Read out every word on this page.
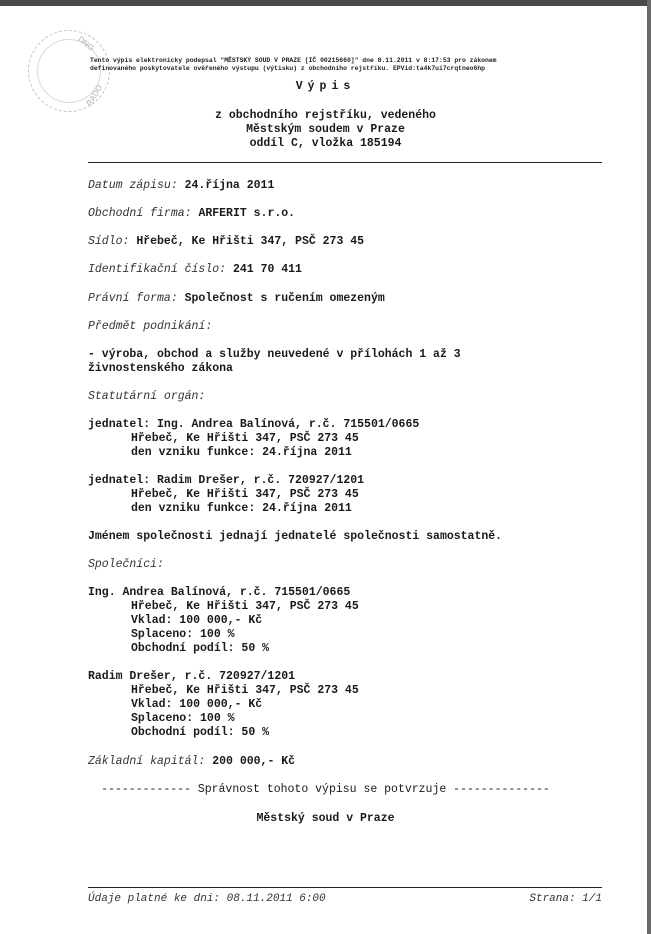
DNO
ŘADO
Tento výpis elektronicky podepsal "MĚSTSKÝ SOUD V PRAZE [IČ 00215660]" dne 8.11.2011 v 8:17:53 pro zákonem
definovaného poskytovatele ověřeného výstupu (výtisku) z obchodního rejstříku. EPVid:ta4k7ui7crqtneo6hp
Výpis
z obchodního rejstříku, vedeného
Městským soudem v Praze
oddíl C, vložka 185194
Datum zápisu: 24.října 2011
Obchodní firma: ARFERIT s.r.o.
Sídlo: Hřebeč, Ke Hřišti 347, PSČ 273 45
Identifikační číslo: 241 70 411
Právní forma: Společnost s ručením omezeným
Předmět podnikání:
- výroba, obchod a služby neuvedené v přílohách 1 až 3
živnostenského zákona
Statutární orgán:
jednatel: Ing. Andrea Balínová, r.č. 715501/0665
Hřebeč, Ke Hřišti 347, PSČ 273 45
den vzniku funkce: 24.října 2011
jednatel: Radim Drešer, r.č. 720927/1201
Hřebeč, Ke Hřišti 347, PSČ 273 45
den vzniku funkce: 24.října 2011
Jménem společnosti jednají jednatelé společnosti samostatně.
Společníci:
Ing. Andrea Balínová, r.č. 715501/0665
Hřebeč, Ke Hřišti 347, PSČ 273 45
Vklad: 100 000,- Kč
Splaceno: 100 %
Obchodní podíl: 50 %
Radim Drešer, r.č. 720927/1201
Hřebeč, Ke Hřišti 347, PSČ 273 45
Vklad: 100 000,- Kč
Splaceno: 100 %
Obchodní podíl: 50 %
Základní kapitál: 200 000,- Kč
------------- Správnost tohoto výpisu se potvrzuje --------------
Městský soud v Praze
Údaje platné ke dni: 08.11.2011 6:00	Strana: 1/1
